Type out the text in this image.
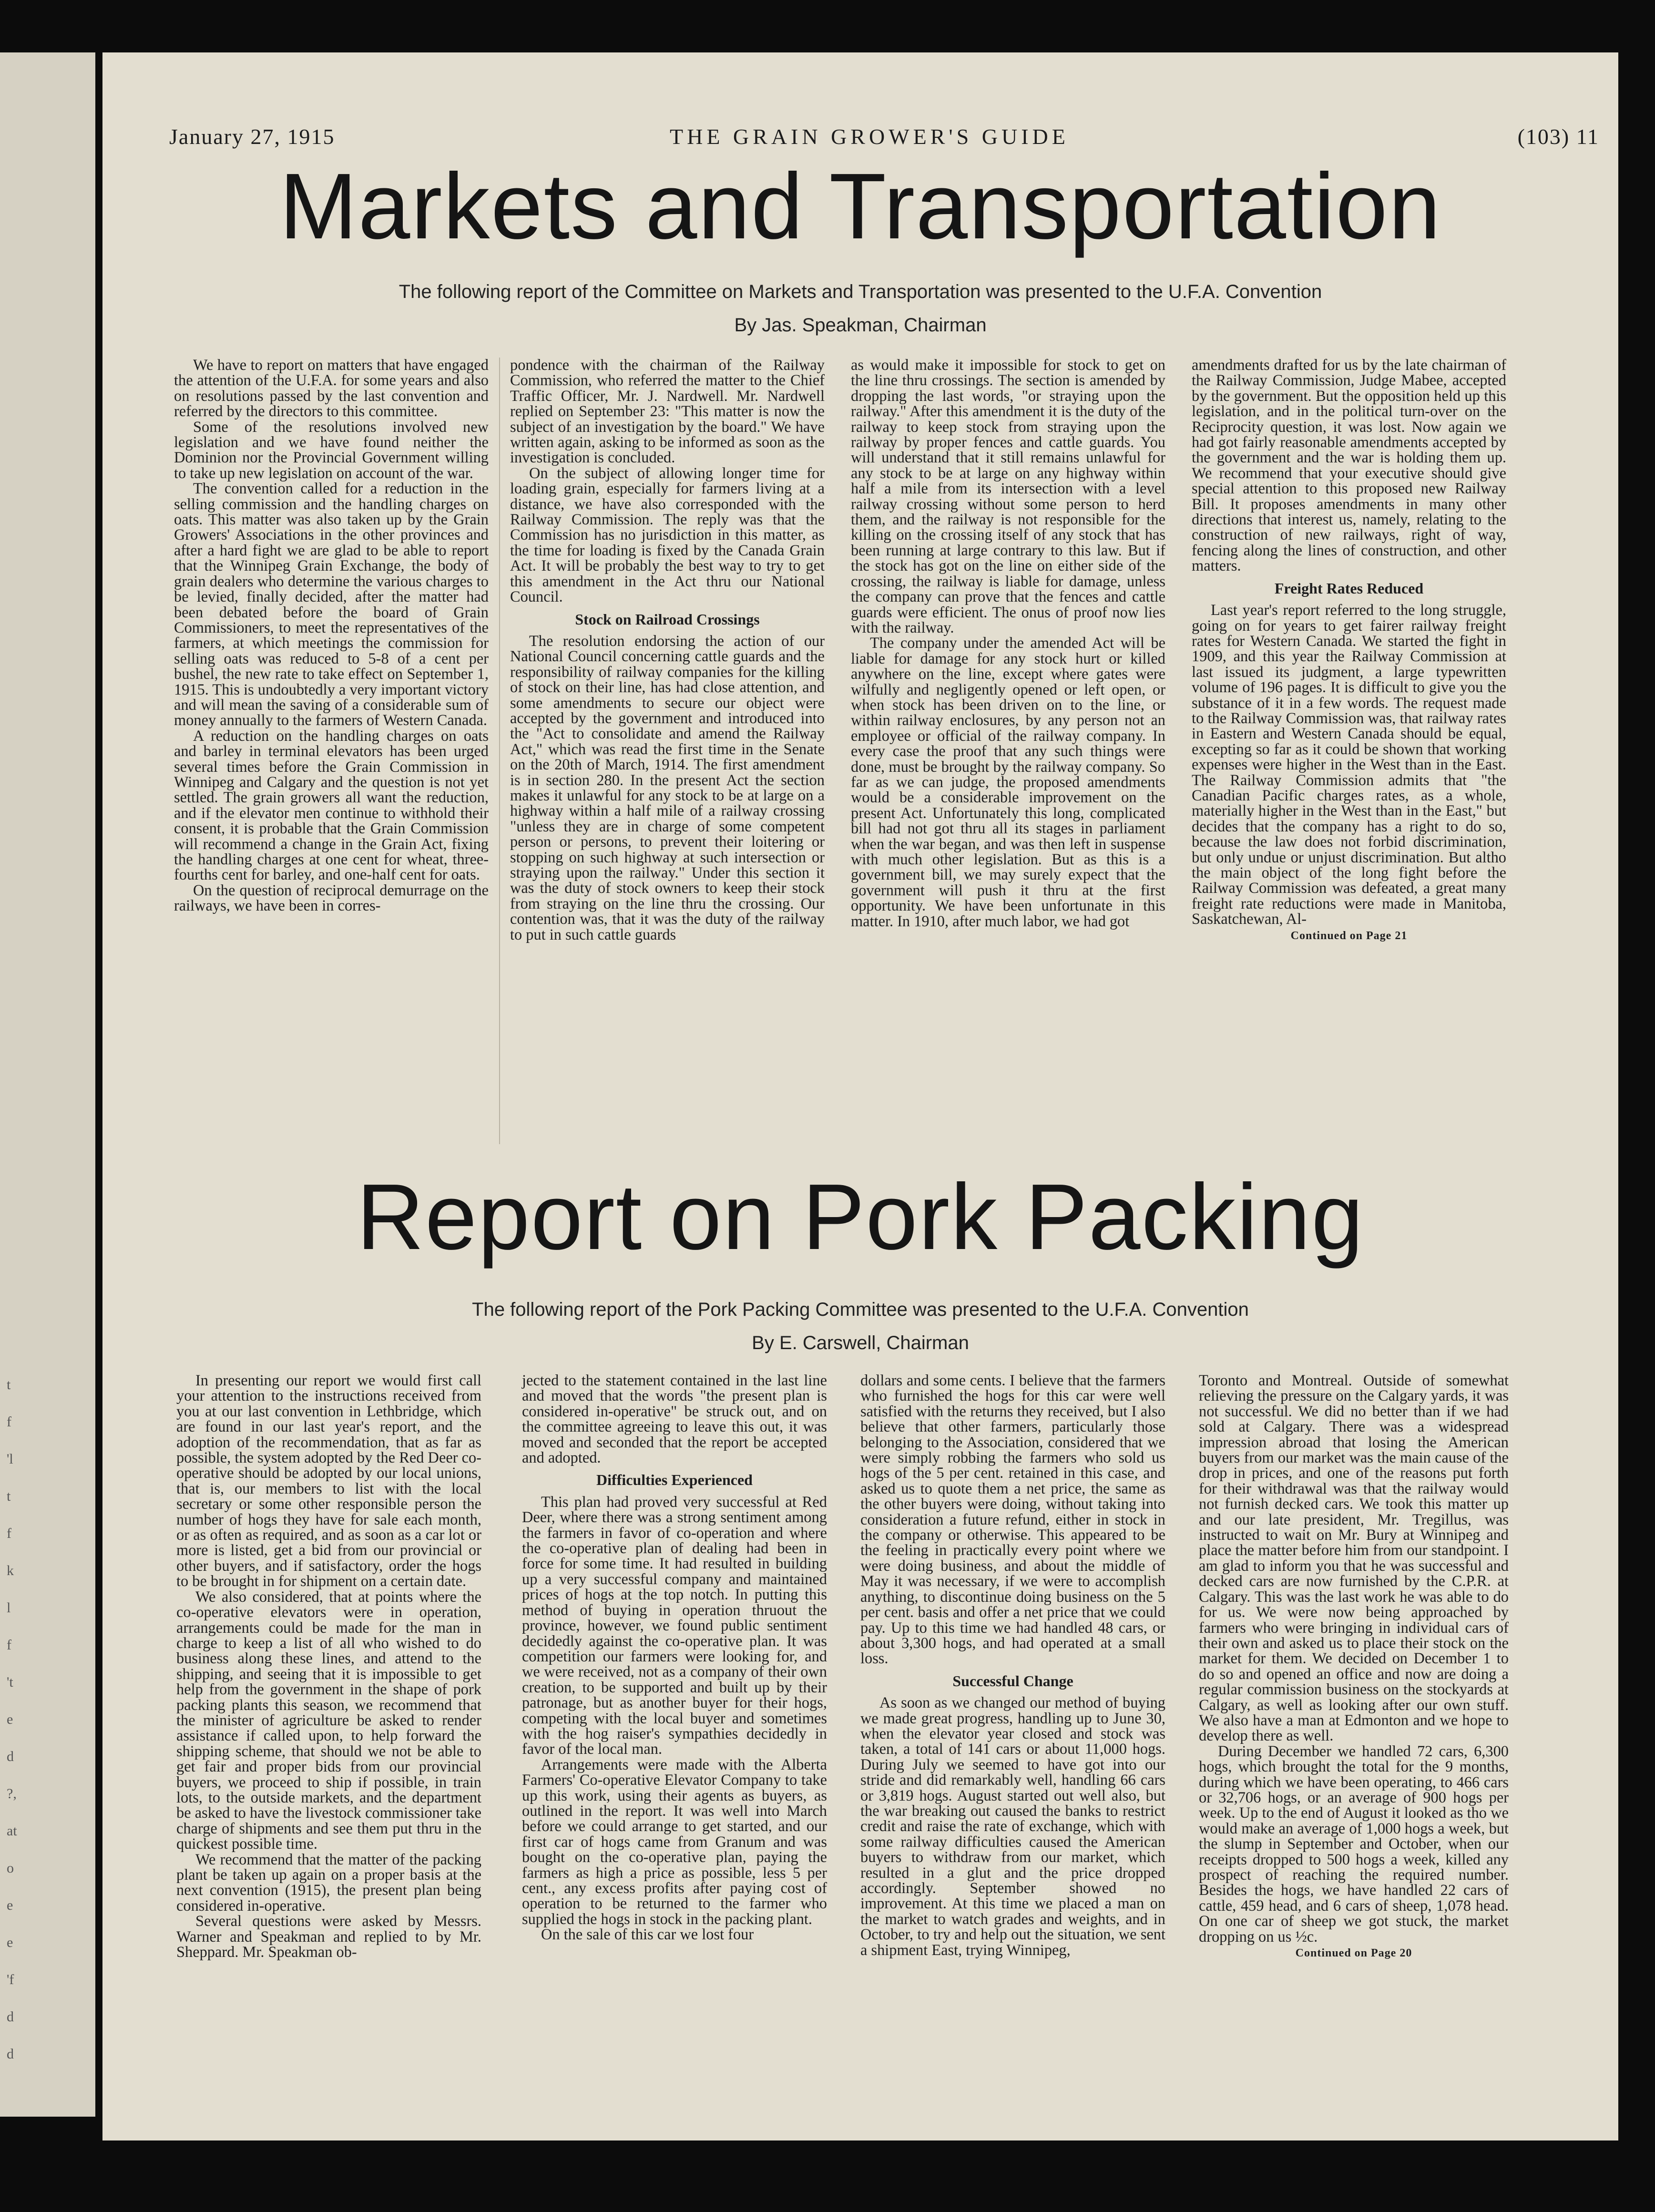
t
f
'l
t
f
k
l
f
't
e
d
?,
at
o
e
e
'f
d
d
January 27, 1915	THE GRAIN GROWER'S GUIDE	(103) 11
Markets and Transportation
The following report of the Committee on Markets and Transportation was presented to the U.F.A. Convention
By Jas. Speakman, Chairman

We have to report on matters that have engaged the attention of the U.F.A. for some years and also on resolutions passed by the last convention and referred by the directors to this committee.

Some of the resolutions involved new legislation and we have found neither the Dominion nor the Provincial Government willing to take up new legislation on account of the war.

The convention called for a reduction in the selling commission and the handling charges on oats. This matter was also taken up by the Grain Growers' Associations in the other provinces and after a hard fight we are glad to be able to report that the Winnipeg Grain Exchange, the body of grain dealers who determine the various charges to be levied, finally decided, after the matter had been debated before the board of Grain Commissioners, to meet the representatives of the farmers, at which meetings the commission for selling oats was reduced to 5-8 of a cent per bushel, the new rate to take effect on September 1, 1915. This is undoubtedly a very important victory and will mean the saving of a considerable sum of money annually to the farmers of Western Canada.

A reduction on the handling charges on oats and barley in terminal elevators has been urged several times before the Grain Commission in Winnipeg and Calgary and the question is not yet settled. The grain growers all want the reduction, and if the elevator men continue to withhold their consent, it is probable that the Grain Commission will recommend a change in the Grain Act, fixing the handling charges at one cent for wheat, three-fourths cent for barley, and one-half cent for oats.

On the question of reciprocal demurrage on the railways, we have been in corres-

pondence with the chairman of the Railway Commission, who referred the matter to the Chief Traffic Officer, Mr. J. Nardwell. Mr. Nardwell replied on September 23: "This matter is now the subject of an investigation by the board." We have written again, asking to be informed as soon as the investigation is concluded.

On the subject of allowing longer time for loading grain, especially for farmers living at a distance, we have also corresponded with the Railway Commission. The reply was that the Commission has no jurisdiction in this matter, as the time for loading is fixed by the Canada Grain Act. It will be probably the best way to try to get this amendment in the Act thru our National Council.

Stock on Railroad Crossings

The resolution endorsing the action of our National Council concerning cattle guards and the responsibility of railway companies for the killing of stock on their line, has had close attention, and some amendments to secure our object were accepted by the government and introduced into the "Act to consolidate and amend the Railway Act," which was read the first time in the Senate on the 20th of March, 1914. The first amendment is in section 280. In the present Act the section makes it unlawful for any stock to be at large on a highway within a half mile of a railway crossing "unless they are in charge of some competent person or persons, to prevent their loitering or stopping on such highway at such intersection or straying upon the railway." Under this section it was the duty of stock owners to keep their stock from straying on the line thru the crossing. Our contention was, that it was the duty of the railway to put in such cattle guards

as would make it impossible for stock to get on the line thru crossings. The section is amended by dropping the last words, "or straying upon the railway." After this amendment it is the duty of the railway to keep stock from straying upon the railway by proper fences and cattle guards. You will understand that it still remains unlawful for any stock to be at large on any highway within half a mile from its intersection with a level railway crossing without some person to herd them, and the railway is not responsible for the killing on the crossing itself of any stock that has been running at large contrary to this law. But if the stock has got on the line on either side of the crossing, the railway is liable for damage, unless the company can prove that the fences and cattle guards were efficient. The onus of proof now lies with the railway.

The company under the amended Act will be liable for damage for any stock hurt or killed anywhere on the line, except where gates were wilfully and negligently opened or left open, or when stock has been driven on to the line, or within railway enclosures, by any person not an employee or official of the railway company. In every case the proof that any such things were done, must be brought by the railway company. So far as we can judge, the proposed amendments would be a considerable improvement on the present Act. Unfortunately this long, complicated bill had not got thru all its stages in parliament when the war began, and was then left in suspense with much other legislation. But as this is a government bill, we may surely expect that the government will push it thru at the first opportunity. We have been unfortunate in this matter. In 1910, after much labor, we had got

amendments drafted for us by the late chairman of the Railway Commission, Judge Mabee, accepted by the government. But the opposition held up this legislation, and in the political turn-over on the Reciprocity question, it was lost. Now again we had got fairly reasonable amendments accepted by the government and the war is holding them up. We recommend that your executive should give special attention to this proposed new Railway Bill. It proposes amendments in many other directions that interest us, namely, relating to the construction of new railways, right of way, fencing along the lines of construction, and other matters.

Freight Rates Reduced

Last year's report referred to the long struggle, going on for years to get fairer railway freight rates for Western Canada. We started the fight in 1909, and this year the Railway Commission at last issued its judgment, a large typewritten volume of 196 pages. It is difficult to give you the substance of it in a few words. The request made to the Railway Commission was, that railway rates in Eastern and Western Canada should be equal, excepting so far as it could be shown that working expenses were higher in the West than in the East. The Railway Commission admits that "the Canadian Pacific charges rates, as a whole, materially higher in the West than in the East," but decides that the company has a right to do so, because the law does not forbid discrimination, but only undue or unjust discrimination. But altho the main object of the long fight before the Railway Commission was defeated, a great many freight rate reductions were made in Manitoba, Saskatchewan, Al-

Continued on Page 21
Report on Pork Packing
The following report of the Pork Packing Committee was presented to the U.F.A. Convention
By E. Carswell, Chairman

In presenting our report we would first call your attention to the instructions received from you at our last convention in Lethbridge, which are found in our last year's report, and the adoption of the recommendation, that as far as possible, the system adopted by the Red Deer co-operative should be adopted by our local unions, that is, our members to list with the local secretary or some other responsible person the number of hogs they have for sale each month, or as often as required, and as soon as a car lot or more is listed, get a bid from our provincial or other buyers, and if satisfactory, order the hogs to be brought in for shipment on a certain date.

We also considered, that at points where the co-operative elevators were in operation, arrangements could be made for the man in charge to keep a list of all who wished to do business along these lines, and attend to the shipping, and seeing that it is impossible to get help from the government in the shape of pork packing plants this season, we recommend that the minister of agriculture be asked to render assistance if called upon, to help forward the shipping scheme, that should we not be able to get fair and proper bids from our provincial buyers, we proceed to ship if possible, in train lots, to the outside markets, and the department be asked to have the livestock commissioner take charge of shipments and see them put thru in the quickest possible time.

We recommend that the matter of the packing plant be taken up again on a proper basis at the next convention (1915), the present plan being considered in-operative.

Several questions were asked by Messrs. Warner and Speakman and replied to by Mr. Sheppard. Mr. Speakman ob-

jected to the statement contained in the last line and moved that the words "the present plan is considered in-operative" be struck out, and on the committee agreeing to leave this out, it was moved and seconded that the report be accepted and adopted.

Difficulties Experienced

This plan had proved very successful at Red Deer, where there was a strong sentiment among the farmers in favor of co-operation and where the co-operative plan of dealing had been in force for some time. It had resulted in building up a very successful company and maintained prices of hogs at the top notch. In putting this method of buying in operation thruout the province, however, we found public sentiment decidedly against the co-operative plan. It was competition our farmers were looking for, and we were received, not as a company of their own creation, to be supported and built up by their patronage, but as another buyer for their hogs, competing with the local buyer and sometimes with the hog raiser's sympathies decidedly in favor of the local man.

Arrangements were made with the Alberta Farmers' Co-operative Elevator Company to take up this work, using their agents as buyers, as outlined in the report. It was well into March before we could arrange to get started, and our first car of hogs came from Granum and was bought on the co-operative plan, paying the farmers as high a price as possible, less 5 per cent., any excess profits after paying cost of operation to be returned to the farmer who supplied the hogs in stock in the packing plant.

On the sale of this car we lost four

dollars and some cents. I believe that the farmers who furnished the hogs for this car were well satisfied with the returns they received, but I also believe that other farmers, particularly those belonging to the Association, considered that we were simply robbing the farmers who sold us hogs of the 5 per cent. retained in this case, and asked us to quote them a net price, the same as the other buyers were doing, without taking into consideration a future refund, either in stock in the company or otherwise. This appeared to be the feeling in practically every point where we were doing business, and about the middle of May it was necessary, if we were to accomplish anything, to discontinue doing business on the 5 per cent. basis and offer a net price that we could pay. Up to this time we had handled 48 cars, or about 3,300 hogs, and had operated at a small loss.

Successful Change

As soon as we changed our method of buying we made great progress, handling up to June 30, when the elevator year closed and stock was taken, a total of 141 cars or about 11,000 hogs. During July we seemed to have got into our stride and did remarkably well, handling 66 cars or 3,819 hogs. August started out well also, but the war breaking out caused the banks to restrict credit and raise the rate of exchange, which with some railway difficulties caused the American buyers to withdraw from our market, which resulted in a glut and the price dropped accordingly. September showed no improvement. At this time we placed a man on the market to watch grades and weights, and in October, to try and help out the situation, we sent a shipment East, trying Winnipeg,

Toronto and Montreal. Outside of somewhat relieving the pressure on the Calgary yards, it was not successful. We did no better than if we had sold at Calgary. There was a widespread impression abroad that losing the American buyers from our market was the main cause of the drop in prices, and one of the reasons put forth for their withdrawal was that the railway would not furnish decked cars. We took this matter up and our late president, Mr. Tregillus, was instructed to wait on Mr. Bury at Winnipeg and place the matter before him from our standpoint. I am glad to inform you that he was successful and decked cars are now furnished by the C.P.R. at Calgary. This was the last work he was able to do for us. We were now being approached by farmers who were bringing in individual cars of their own and asked us to place their stock on the market for them. We decided on December 1 to do so and opened an office and now are doing a regular commission business on the stockyards at Calgary, as well as looking after our own stuff. We also have a man at Edmonton and we hope to develop there as well.

During December we handled 72 cars, 6,300 hogs, which brought the total for the 9 months, during which we have been operating, to 466 cars or 32,706 hogs, or an average of 900 hogs per week. Up to the end of August it looked as tho we would make an average of 1,000 hogs a week, but the slump in September and October, when our receipts dropped to 500 hogs a week, killed any prospect of reaching the required number. Besides the hogs, we have handled 22 cars of cattle, 459 head, and 6 cars of sheep, 1,078 head. On one car of sheep we got stuck, the market dropping on us ½c.

Continued on Page 20
